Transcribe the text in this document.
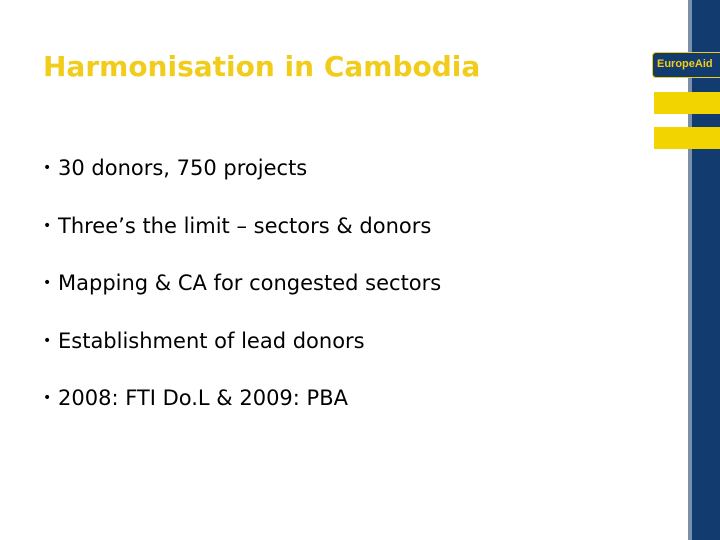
Harmonisation in Cambodia
• 30 donors, 750 projects
• Three’s the limit – sectors & donors
• Mapping & CA for congested sectors
• Establishment of lead donors
• 2008: FTI Do.L & 2009: PBA
EuropeAid
